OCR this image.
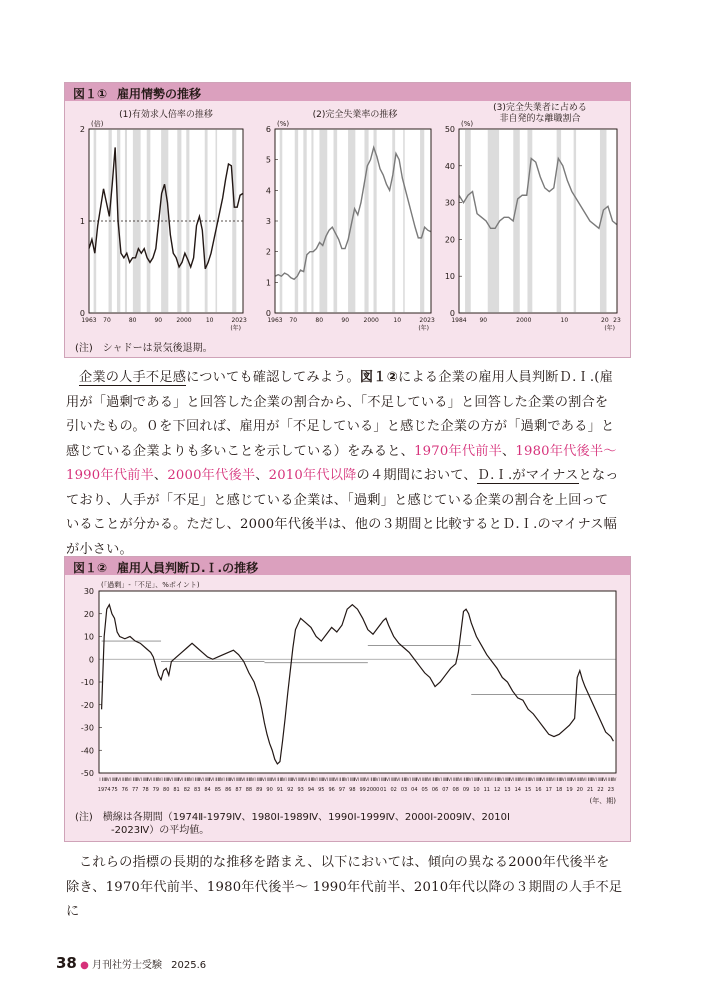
図１① 雇用情勢の推移
(1)有効求人倍率の推移
0
1
2
(倍)
1963 70	80	90 2000 10	20 23
(年)
(2)完全失業率の推移
0
1
2
3
4
5
6
(%)
1963 70	80	90 2000 10	20 23
(年)
(3)完全失業者に占める
非自発的な離職割合
0
10
20
30
40
50
(%)
1984 90	2000	10	20 23
(年)
(注)　シャドーは景気後退期。
企業の人手不足感についても確認してみよう。図１②による企業の雇用人員判断Ｄ.Ｉ.(雇
用が「過剰である」と回答した企業の割合から、「不足している」と回答した企業の割合を
引いたもの。０を下回れば、雇用が「不足している」と感じた企業の方が「過剰である」と
感じている企業よりも多いことを示している）をみると、1970年代前半、1980年代後半〜
1990年代前半、2000年代後半、2010年代以降の４期間において、Ｄ.Ｉ.がマイナスとなっ
ており、人手が「不足」と感じている企業は、「過剰」と感じている企業の割合を上回って
いることが分かる。ただし、2000年代後半は、他の３期間と比較するとＤ.Ｉ.のマイナス幅
が小さい。
図１② 雇用人員判断Ｄ.Ｉ.の推移
30
20
10
0
-10
-20
-30
-40
-50
(「過剰」-「不足」、%ポイント)
Ⅰ Ⅱ Ⅲ Ⅳ Ⅰ Ⅱ Ⅲ Ⅳ Ⅰ Ⅱ Ⅲ Ⅳ Ⅰ Ⅱ Ⅲ Ⅳ Ⅰ Ⅱ Ⅲ Ⅳ Ⅰ Ⅱ Ⅲ Ⅳ Ⅰ Ⅱ Ⅲ Ⅳ Ⅰ Ⅱ Ⅲ Ⅳ Ⅰ Ⅱ Ⅲ Ⅳ Ⅰ Ⅱ Ⅲ Ⅳ Ⅰ Ⅱ Ⅲ Ⅳ Ⅰ Ⅱ Ⅲ Ⅳ Ⅰ Ⅱ Ⅲ Ⅳ Ⅰ Ⅱ Ⅲ Ⅳ Ⅰ Ⅱ Ⅲ Ⅳ Ⅰ Ⅱ Ⅲ Ⅳ Ⅰ Ⅱ Ⅲ Ⅳ Ⅰ Ⅱ Ⅲ Ⅳ Ⅰ Ⅱ Ⅲ Ⅳ Ⅰ Ⅱ Ⅲ Ⅳ Ⅰ Ⅱ Ⅲ Ⅳ Ⅰ Ⅱ Ⅲ Ⅳ Ⅰ Ⅱ Ⅲ Ⅳ Ⅰ Ⅱ Ⅲ Ⅳ Ⅰ Ⅱ Ⅲ Ⅳ Ⅰ Ⅱ Ⅲ Ⅳ Ⅰ Ⅱ Ⅲ Ⅳ Ⅰ Ⅱ Ⅲ Ⅳ Ⅰ Ⅱ Ⅲ Ⅳ Ⅰ Ⅱ Ⅲ Ⅳ Ⅰ Ⅱ Ⅲ Ⅳ Ⅰ Ⅱ Ⅲ Ⅳ Ⅰ Ⅱ Ⅲ Ⅳ Ⅰ Ⅱ Ⅲ Ⅳ Ⅰ Ⅱ Ⅲ Ⅳ Ⅰ Ⅱ Ⅲ Ⅳ Ⅰ Ⅱ Ⅲ Ⅳ Ⅰ Ⅱ Ⅲ Ⅳ Ⅰ Ⅱ Ⅲ Ⅳ Ⅰ Ⅱ Ⅲ Ⅳ Ⅰ Ⅱ Ⅲ Ⅳ Ⅰ Ⅱ Ⅲ Ⅳ Ⅰ Ⅱ Ⅲ Ⅳ Ⅰ Ⅱ Ⅲ Ⅳ Ⅰ Ⅱ Ⅲ Ⅳ Ⅰ Ⅱ Ⅲ Ⅳ Ⅰ Ⅱ Ⅲ Ⅳ Ⅰ Ⅱ Ⅲ Ⅳ Ⅰ Ⅱ Ⅲ Ⅳ Ⅰ Ⅱ Ⅲ Ⅳ
1974 75 76 77 78 79 80 81 82 83 84 85 86 87 88 89 90 91 92 93 94 95 96 97 98 99 2000 01 02 03 04 05 06 07 08 09 10 11 12 13 14 15 16 17 18 19 20 21 22 23
(年、期)
(注)　横線は各期間（1974Ⅱ-1979Ⅳ、1980Ⅰ-1989Ⅳ、1990Ⅰ-1999Ⅳ、2000Ⅰ-2009Ⅳ、2010Ⅰ
-2023Ⅳ）の平均値。
これらの指標の長期的な推移を踏まえ、以下においては、傾向の異なる2000年代後半を
除き、1970年代前半、1980年代後半〜 1990年代前半、2010年代以降の３期間の人手不足に
38 ● 月刊社労士受験 2025.6
